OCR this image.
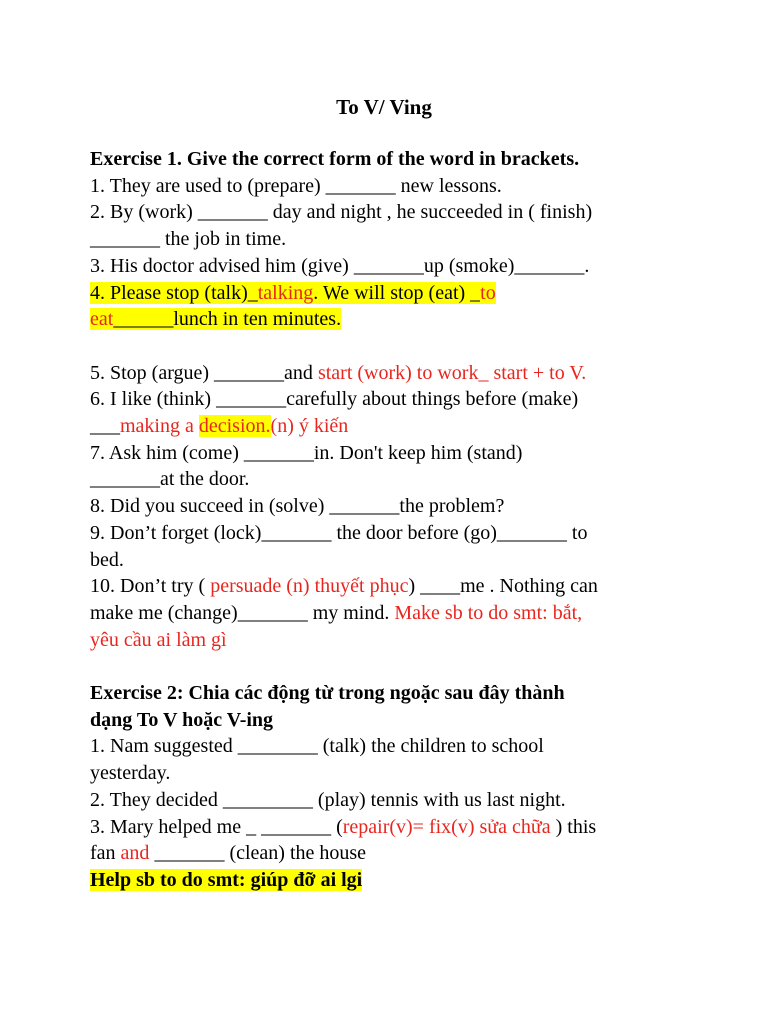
To V/ Ving
Exercise 1. Give the correct form of the word in brackets.
1. They are used to (prepare) _______ new lessons.
2. By (work) _______ day and night , he succeeded in ( finish)
_______ the job in time.
3. His doctor advised him (give) _______up (smoke)_______.
4. Please stop (talk)_talking. We will stop (eat) _to
eat______lunch in ten minutes.
5. Stop (argue) _______and start (work) to work_ start + to V.
6. I like (think) _______carefully about things before (make)
___making a decision.(n) ý kiến
7. Ask him (come) _______in. Don't keep him (stand)
_______at the door.
8. Did you succeed in (solve) _______the problem?
9. Don’t forget (lock)_______ the door before (go)_______ to
bed.
10. Don’t try ( persuade (n) thuyết phục) ____me . Nothing can
make me (change)_______ my mind. Make sb to do smt: bắt,
yêu cầu ai làm gì
Exercise 2: Chia các động từ trong ngoặc sau đây thành
dạng To V hoặc V-ing
1. Nam suggested ________ (talk) the children to school
yesterday.
2. They decided _________ (play) tennis with us last night.
3. Mary helped me _ _______ (repair(v)= fix(v) sửa chữa ) this
fan and _______ (clean) the house
Help sb to do smt: giúp đỡ ai lgi
